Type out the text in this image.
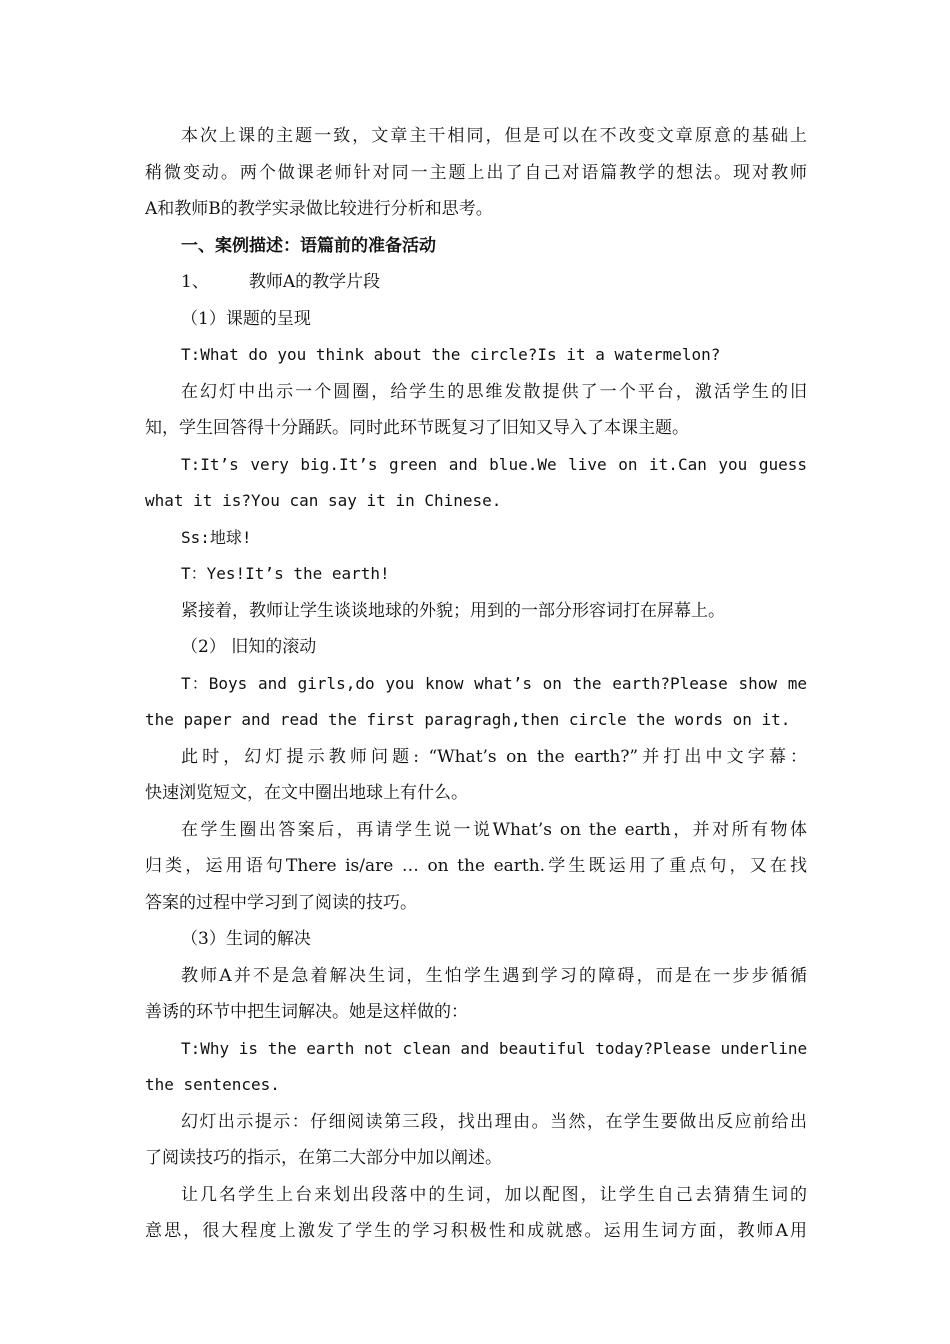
本次上课的主题一致，文章主干相同，但是可以在不改变文章原意的基础上

稍微变动。两个做课老师针对同一主题上出了自己对语篇教学的想法。现对教师

A和教师B的教学实录做比较进行分析和思考。

一、案例描述：语篇前的准备活动

1、 教师A的教学片段

（1）课题的呈现

T:What do you think about the circle?Is it a watermelon?

在幻灯中出示一个圆圈，给学生的思维发散提供了一个平台，激活学生的旧

知，学生回答得十分踊跃。同时此环节既复习了旧知又导入了本课主题。

T:It’s very big.It’s green and blue.We live on it.Can you guess

what it is?You can say it in Chinese.

Ss:地球!

T：Yes!It’s the earth!

紧接着，教师让学生谈谈地球的外貌；用到的一部分形容词打在屏幕上。

（2） 旧知的滚动

T：Boys and girls,do you know what’s on the earth?Please show me

the paper and read the first paragragh,then circle the words on it.

此时，幻灯提示教师问题: “What’s on the earth?”并打出中文字幕：

快速浏览短文，在文中圈出地球上有什么。

在学生圈出答案后，再请学生说一说What’s on the earth，并对所有物体

归类，运用语句There is/are … on the earth.学生既运用了重点句，又在找

答案的过程中学习到了阅读的技巧。

（3）生词的解决

教师A并不是急着解决生词，生怕学生遇到学习的障碍，而是在一步步循循

善诱的环节中把生词解决。她是这样做的：

T:Why is the earth not clean and beautiful today?Please underline

the sentences.

幻灯出示提示：仔细阅读第三段，找出理由。当然，在学生要做出反应前给出

了阅读技巧的指示，在第二大部分中加以阐述。

让几名学生上台来划出段落中的生词，加以配图，让学生自己去猜猜生词的

意思，很大程度上激发了学生的学习积极性和成就感。运用生词方面，教师A用
